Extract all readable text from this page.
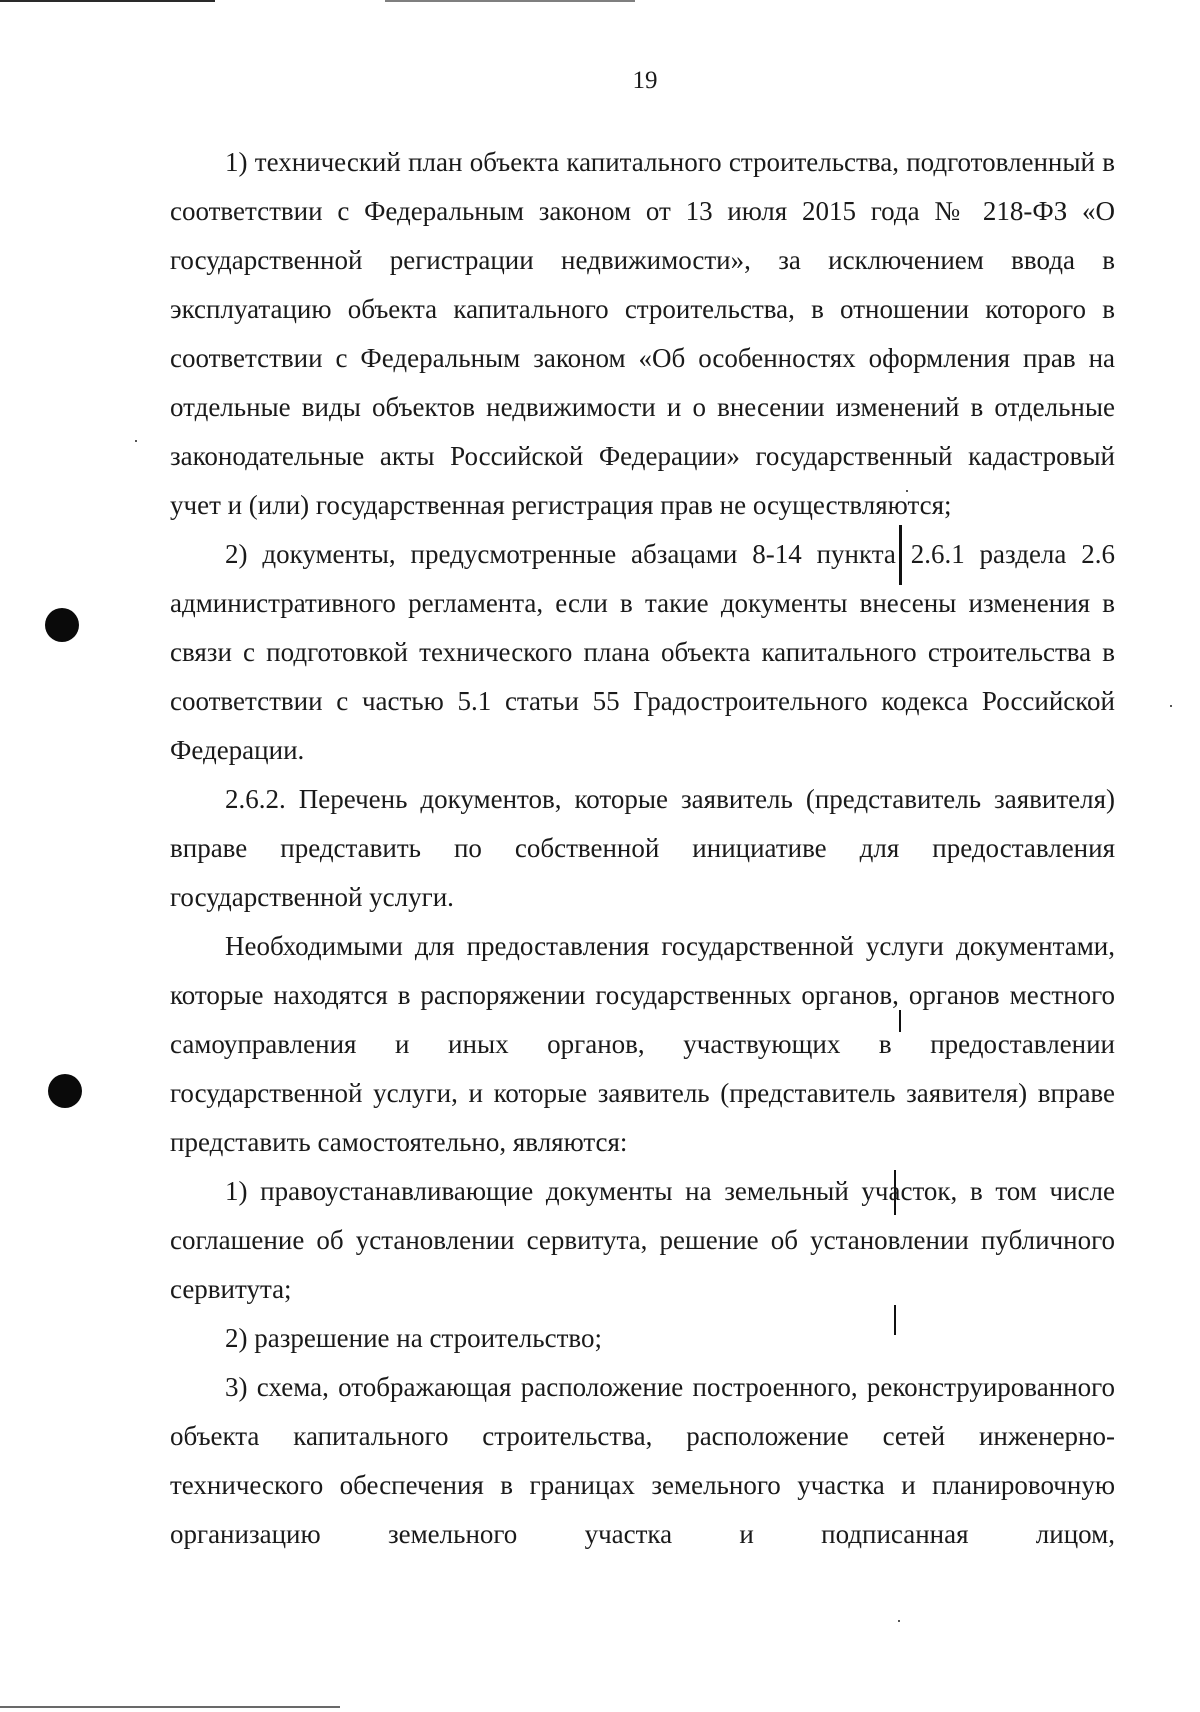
19

1) технический план объекта капитального строительства, подготовленный в соответствии с Федеральным законом от 13 июля 2015 года № 218-ФЗ «О государственной регистрации недвижимости», за исключением ввода в эксплуатацию объекта капитального строительства, в отношении которого в соответствии с Федеральным законом «Об особенностях оформления прав на отдельные виды объектов недвижимости и о внесении изменений в отдельные законодательные акты Российской Федерации» государственный кадастровый учет и (или) государственная регистрация прав не осуществляются;

2) документы, предусмотренные абзацами 8-14 пункта 2.6.1 раздела 2.6 административного регламента, если в такие документы внесены изменения в связи с подготовкой технического плана объекта капитального строительства в соответствии с частью 5.1 статьи 55 Градостроительного кодекса Российской Федерации.

2.6.2. Перечень документов, которые заявитель (представитель заявителя) вправе представить по собственной инициативе для предоставления государственной услуги.

Необходимыми для предоставления государственной услуги документами, которые находятся в распоряжении государственных органов, органов местного самоуправления и иных органов, участвующих в предоставлении государственной услуги, и которые заявитель (представитель заявителя) вправе представить самостоятельно, являются:

1) правоустанавливающие документы на земельный участок, в том числе соглашение об установлении сервитута, решение об установлении публичного сервитута;

2) разрешение на строительство;

3) схема, отображающая расположение построенного, реконструированного объекта капитального строительства, расположение сетей инженерно-технического обеспечения в границах земельного участка и планировочную организацию земельного участка и подписанная лицом,
